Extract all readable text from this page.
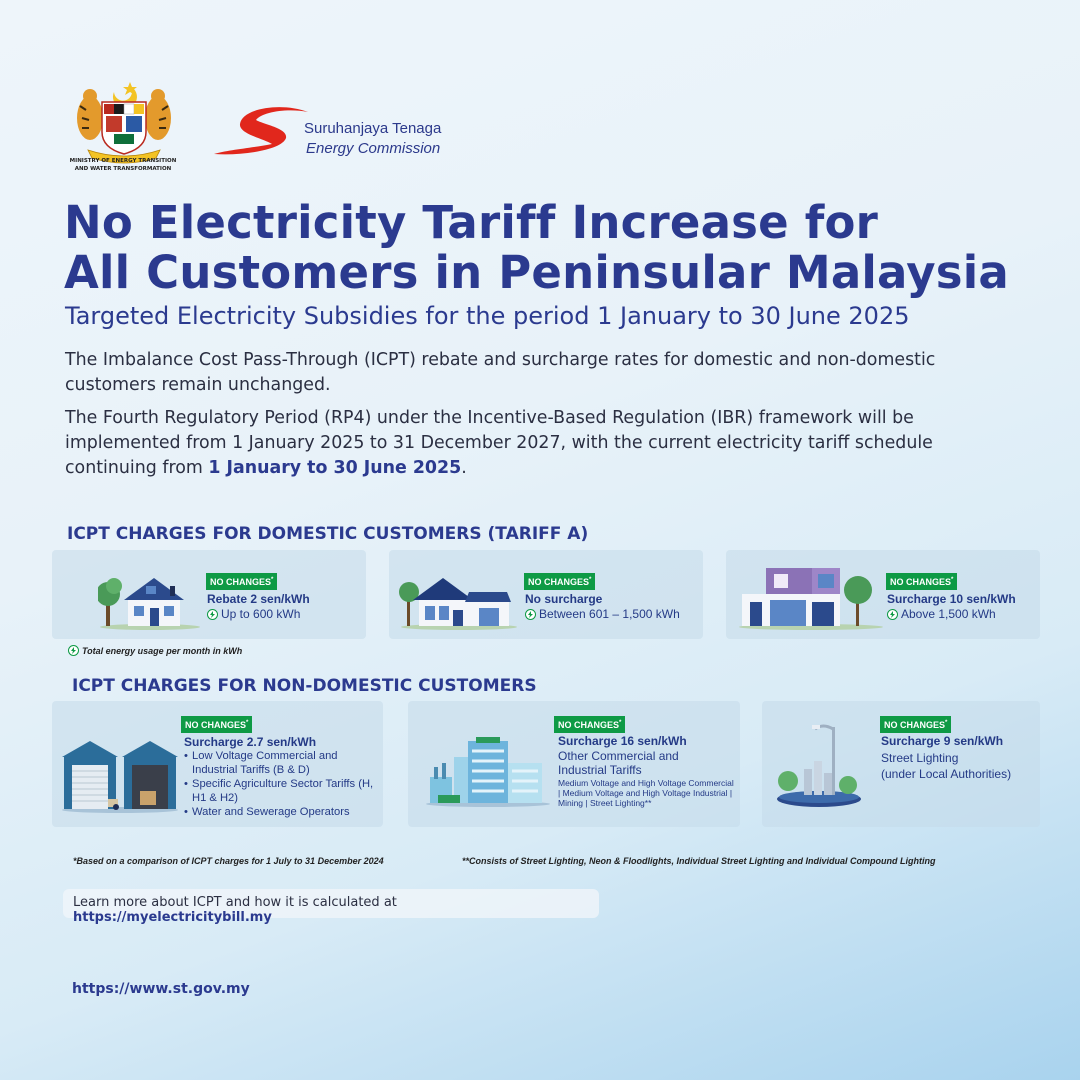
MINISTRY OF ENERGY TRANSITION AND WATER TRANSFORMATION
Suruhanjaya Tenaga
Energy Commission
No Electricity Tariff Increase for
All Customers in Peninsular Malaysia
Targeted Electricity Subsidies for the period 1 January to 30 June 2025
The Imbalance Cost Pass-Through (ICPT) rebate and surcharge rates for domestic and non-domestic customers remain unchanged.
The Fourth Regulatory Period (RP4) under the Incentive-Based Regulation (IBR) framework will be implemented from 1 January 2025 to 31 December 2027, with the current electricity tariff schedule continuing from 1 January to 30 June 2025.
ICPT CHARGES FOR DOMESTIC CUSTOMERS (TARIFF A)
NO CHANGES*
Rebate 2 sen/kWh
Up to 600 kWh
NO CHANGES*
No surcharge
Between 601 – 1,500 kWh
NO CHANGES*
Surcharge 10 sen/kWh
Above 1,500 kWh
Total energy usage per month in kWh
ICPT CHARGES FOR NON-DOMESTIC CUSTOMERS
NO CHANGES*
Surcharge 2.7 sen/kWh
• Low Voltage Commercial and Industrial Tariffs (B & D)
• Specific Agriculture Sector Tariffs (H, H1 & H2)
• Water and Sewerage Operators
NO CHANGES*
Surcharge 16 sen/kWh
Other Commercial and Industrial Tariffs
Medium Voltage and High Voltage Commercial | Medium Voltage and High Voltage Industrial | Mining | Street Lighting**
NO CHANGES*
Surcharge 9 sen/kWh
Street Lighting
(under Local Authorities)
*Based on a comparison of ICPT charges for 1 July to 31 December 2024	**Consists of Street Lighting, Neon & Floodlights, Individual Street Lighting and Individual Compound Lighting
Learn more about ICPT and how it is calculated at https://myelectricitybill.my
https://www.st.gov.my
